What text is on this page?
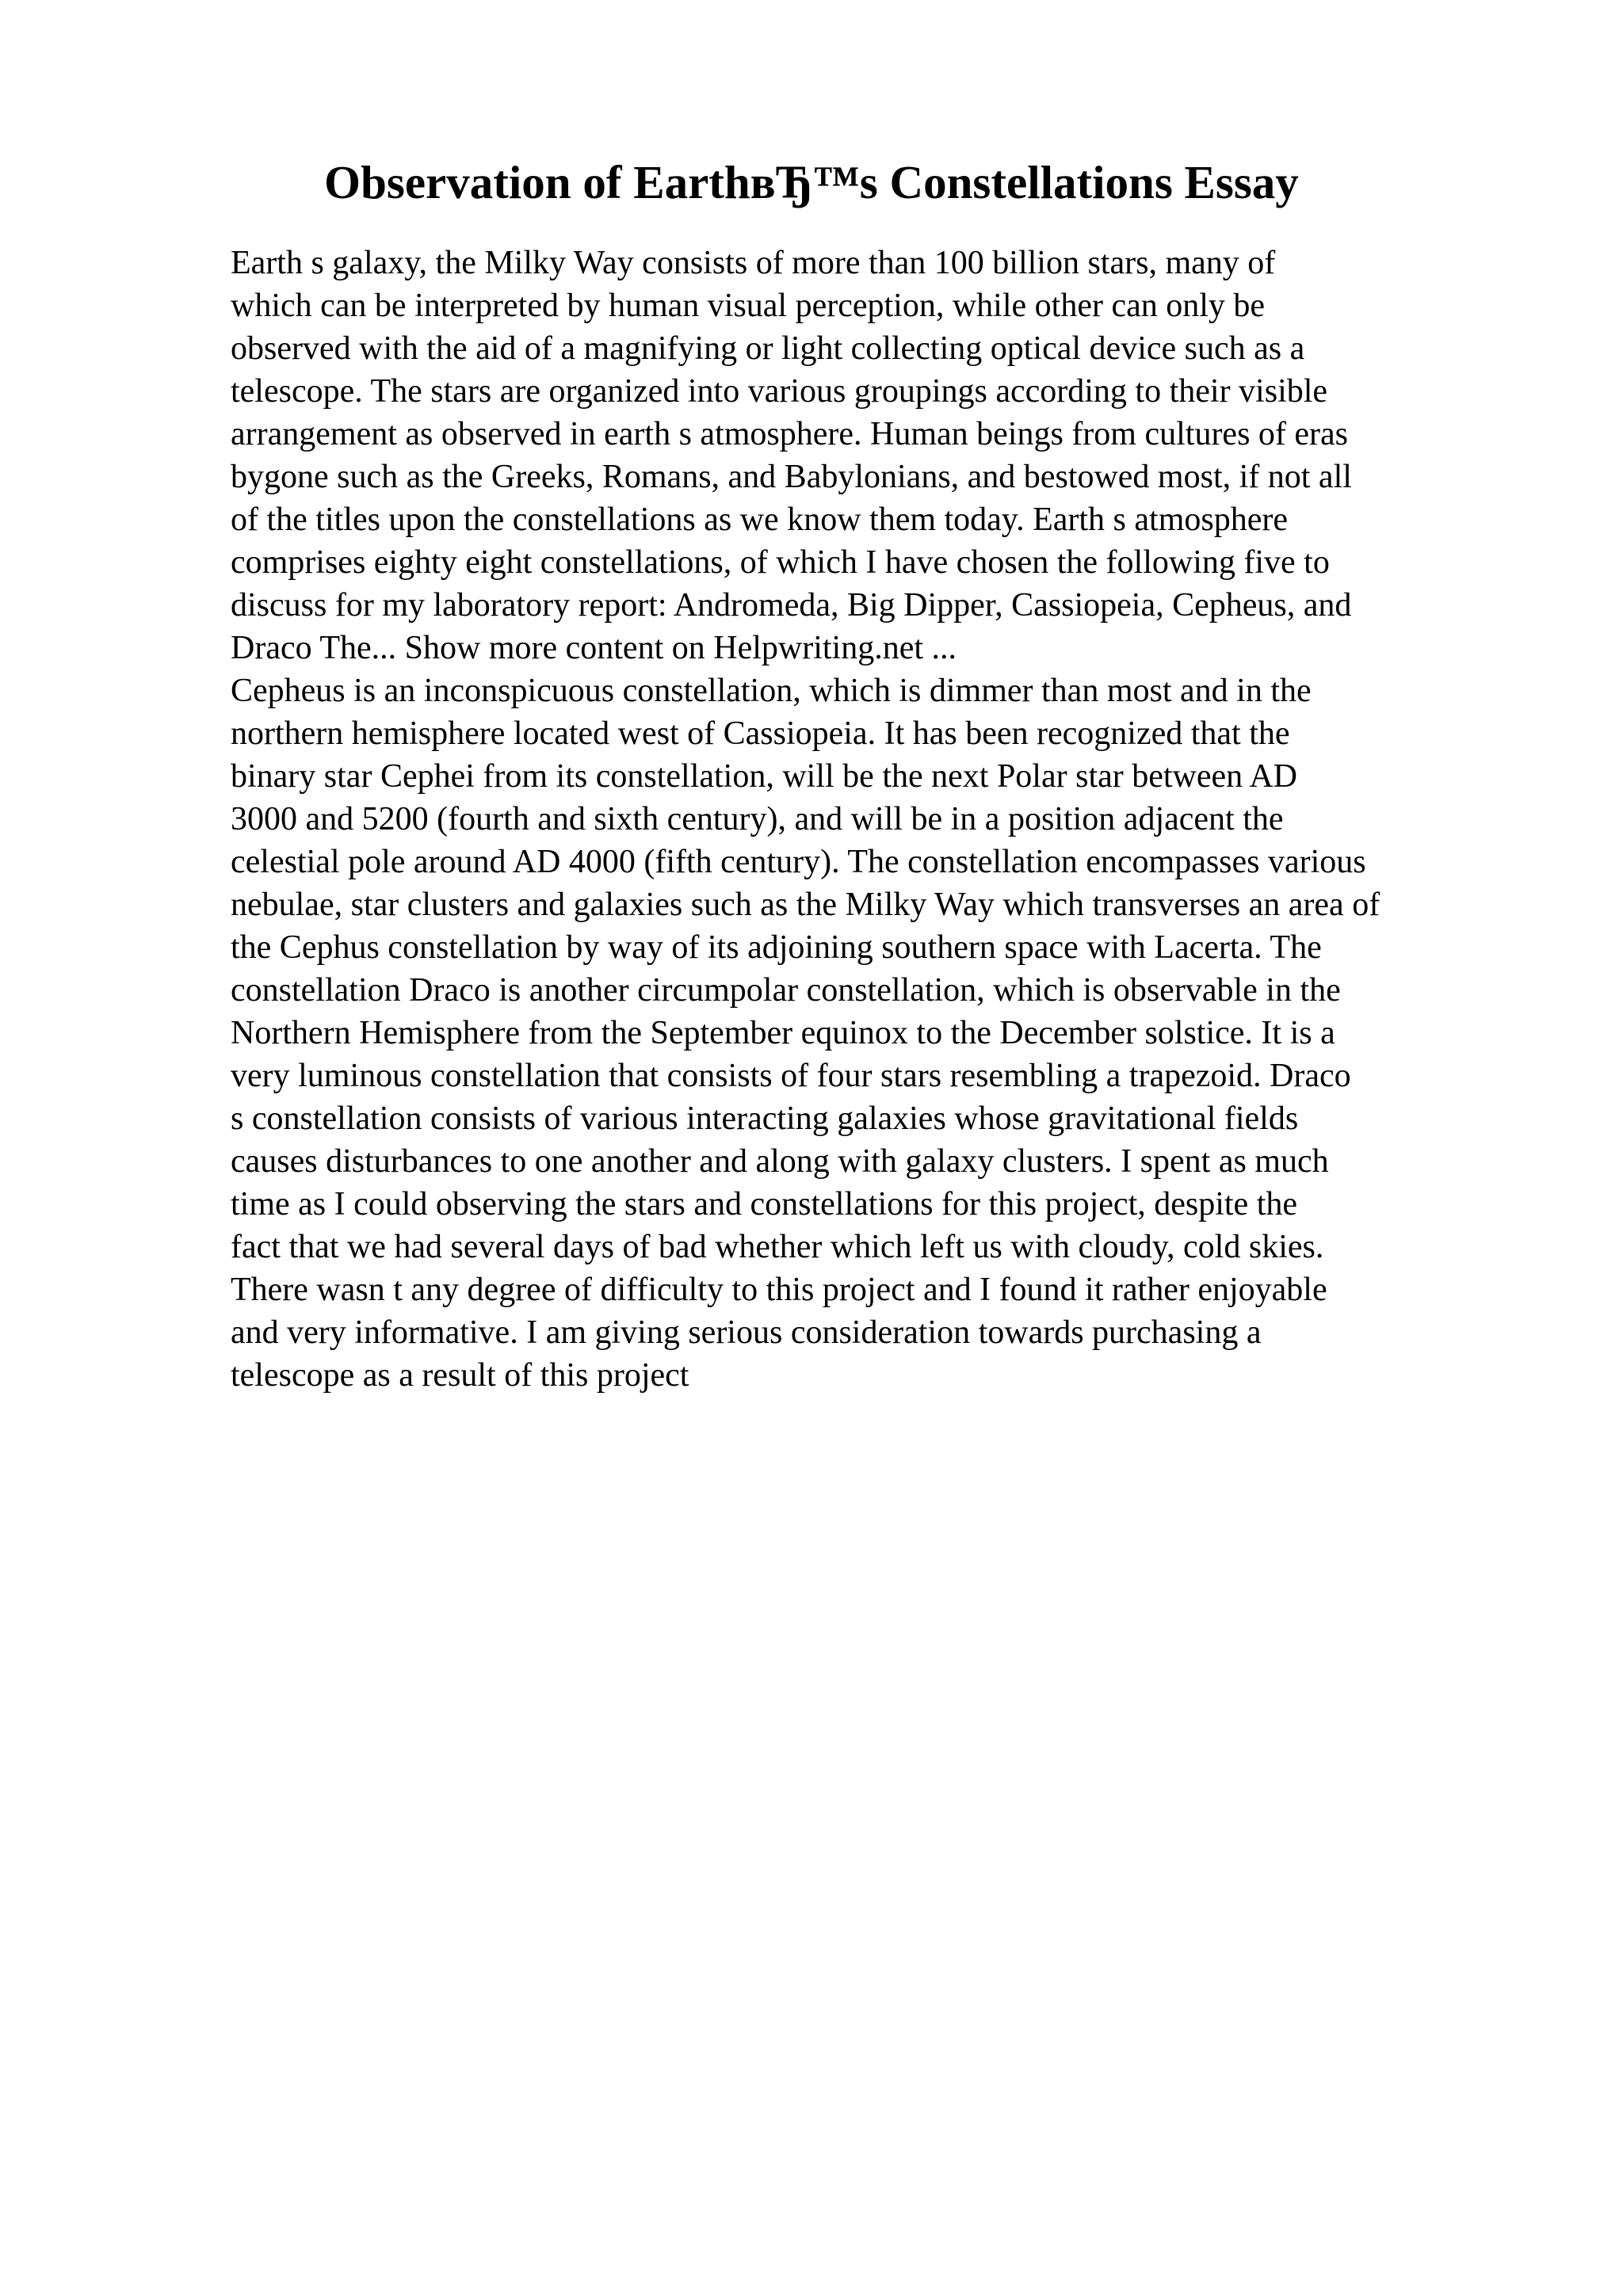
Observation of EarthвЂ™s Constellations Essay
Earth s galaxy, the Milky Way consists of more than 100 billion stars, many of
which can be interpreted by human visual perception, while other can only be
observed with the aid of a magnifying or light collecting optical device such as a
telescope. The stars are organized into various groupings according to their visible
arrangement as observed in earth s atmosphere. Human beings from cultures of eras
bygone such as the Greeks, Romans, and Babylonians, and bestowed most, if not all
of the titles upon the constellations as we know them today. Earth s atmosphere
comprises eighty eight constellations, of which I have chosen the following five to
discuss for my laboratory report: Andromeda, Big Dipper, Cassiopeia, Cepheus, and
Draco The... Show more content on Helpwriting.net ...
Cepheus is an inconspicuous constellation, which is dimmer than most and in the
northern hemisphere located west of Cassiopeia. It has been recognized that the
binary star Cephei from its constellation, will be the next Polar star between AD
3000 and 5200 (fourth and sixth century), and will be in a position adjacent the
celestial pole around AD 4000 (fifth century). The constellation encompasses various
nebulae, star clusters and galaxies such as the Milky Way which transverses an area of
the Cephus constellation by way of its adjoining southern space with Lacerta. The
constellation Draco is another circumpolar constellation, which is observable in the
Northern Hemisphere from the September equinox to the December solstice. It is a
very luminous constellation that consists of four stars resembling a trapezoid. Draco
s constellation consists of various interacting galaxies whose gravitational fields
causes disturbances to one another and along with galaxy clusters. I spent as much
time as I could observing the stars and constellations for this project, despite the
fact that we had several days of bad whether which left us with cloudy, cold skies.
There wasn t any degree of difficulty to this project and I found it rather enjoyable
and very informative. I am giving serious consideration towards purchasing a
telescope as a result of this project
